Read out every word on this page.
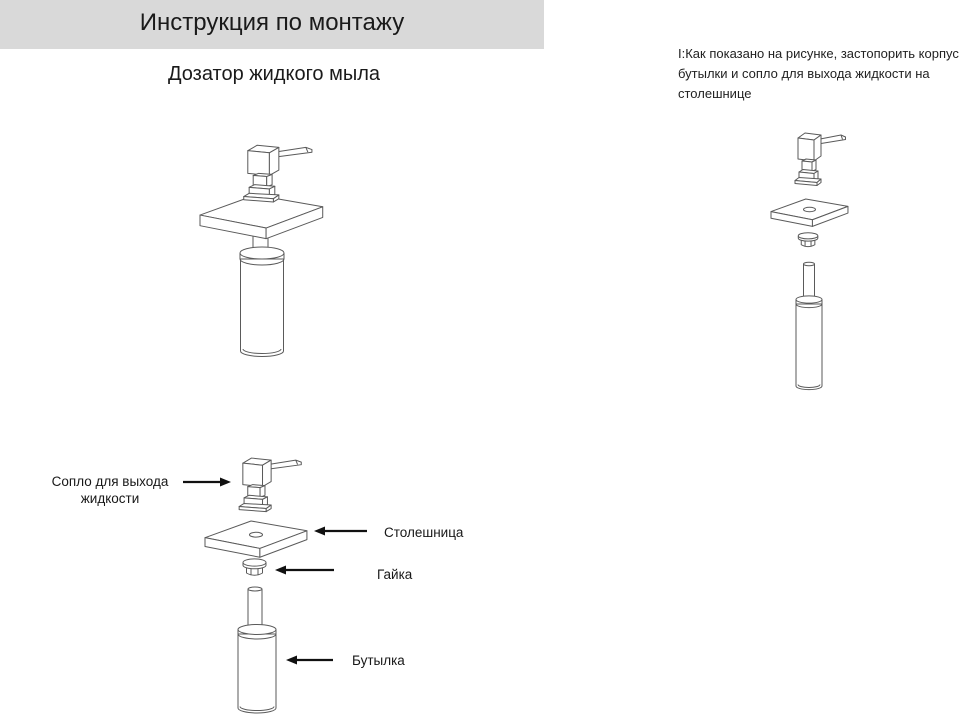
Инструкция по монтажу
Дозатор жидкого мыла
I:Как показано на рисунке, застопорить корпус бутылки и сопло для выхода жидкости на столешнице
Сопло для выхода жидкости
Столешница
Гайка
Бутылка
